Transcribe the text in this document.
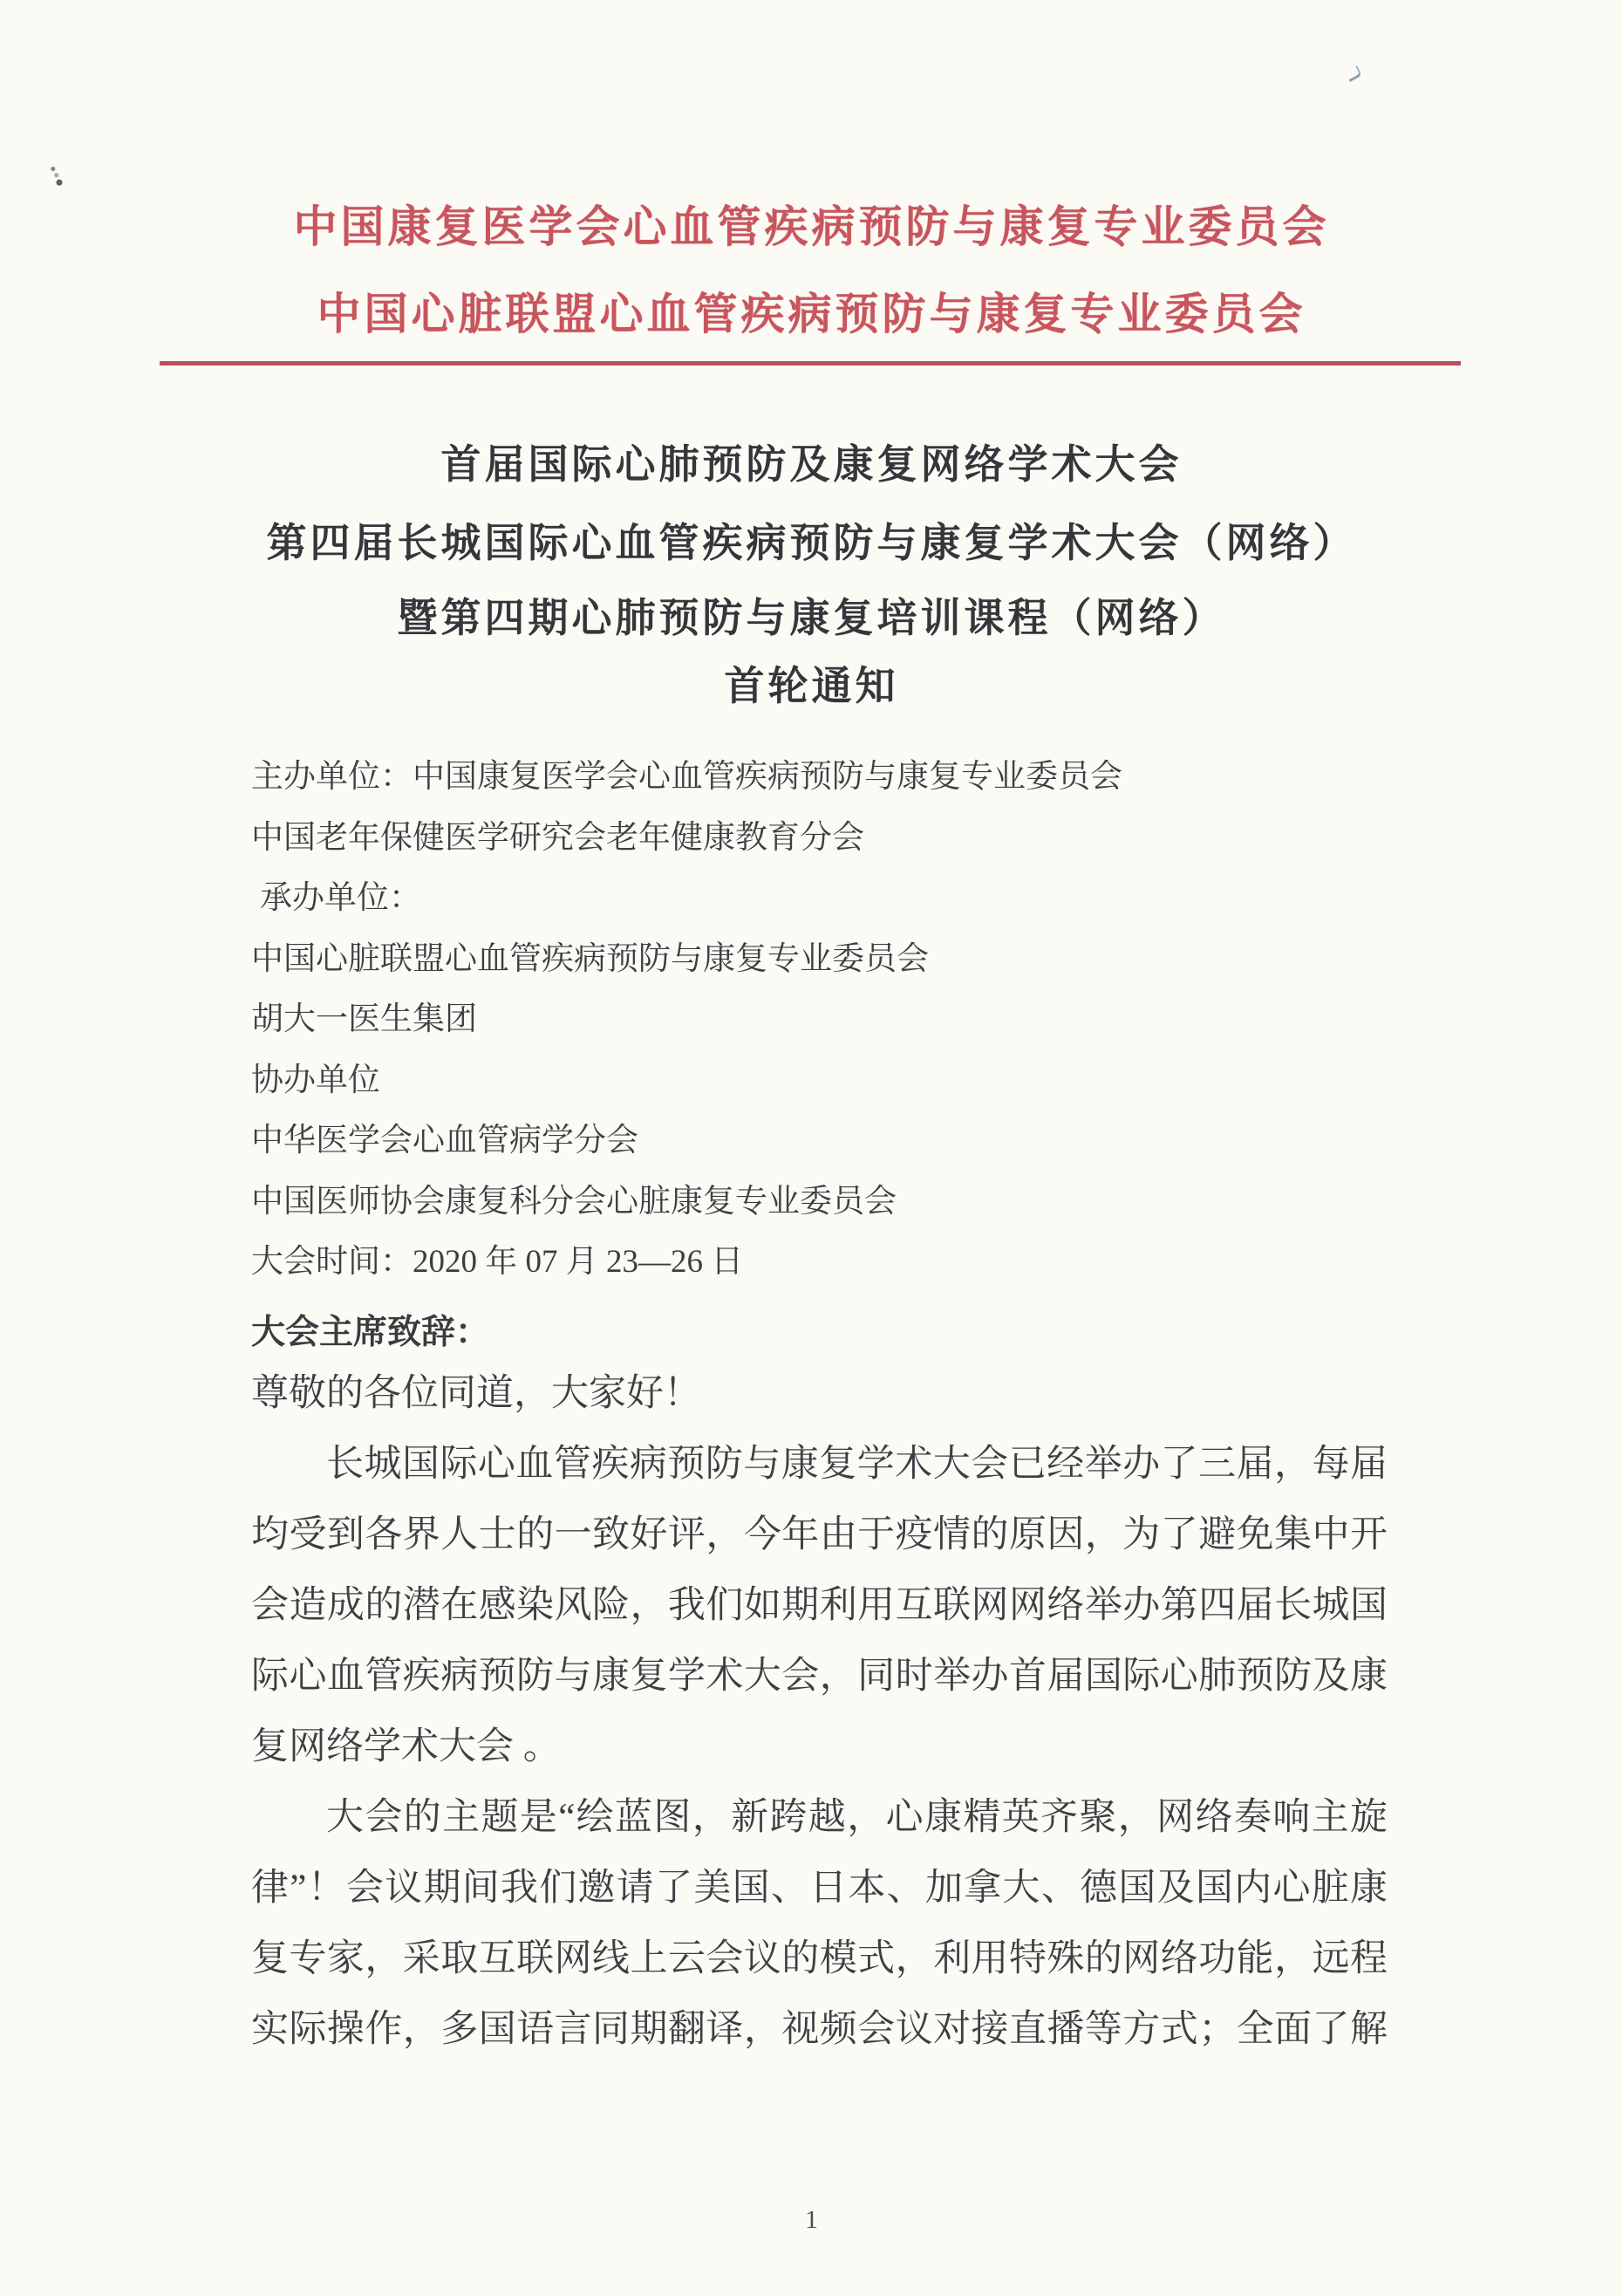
中国康复医学会心血管疾病预防与康复专业委员会
中国心脏联盟心血管疾病预防与康复专业委员会
首届国际心肺预防及康复网络学术大会
第四届长城国际心血管疾病预防与康复学术大会（网络）
暨第四期心肺预防与康复培训课程（网络）
首轮通知
主办单位：中国康复医学会心血管疾病预防与康复专业委员会
中国老年保健医学研究会老年健康教育分会
承办单位：
中国心脏联盟心血管疾病预防与康复专业委员会
胡大一医生集团
协办单位
中华医学会心血管病学分会
中国医师协会康复科分会心脏康复专业委员会
大会时间：2020 年 07 月 23—26 日
大会主席致辞：
尊敬的各位同道，大家好！
长城国际心血管疾病预防与康复学术大会已经举办了三届，每届
均受到各界人士的一致好评，今年由于疫情的原因，为了避免集中开
会造成的潜在感染风险，我们如期利用互联网网络举办第四届长城国
际心血管疾病预防与康复学术大会，同时举办首届国际心肺预防及康
复网络学术大会 。
大会的主题是“绘蓝图，新跨越，心康精英齐聚，网络奏响主旋
律”！会议期间我们邀请了美国、日本、加拿大、德国及国内心脏康
复专家，采取互联网线上云会议的模式，利用特殊的网络功能，远程
实际操作，多国语言同期翻译，视频会议对接直播等方式；全面了解
1
